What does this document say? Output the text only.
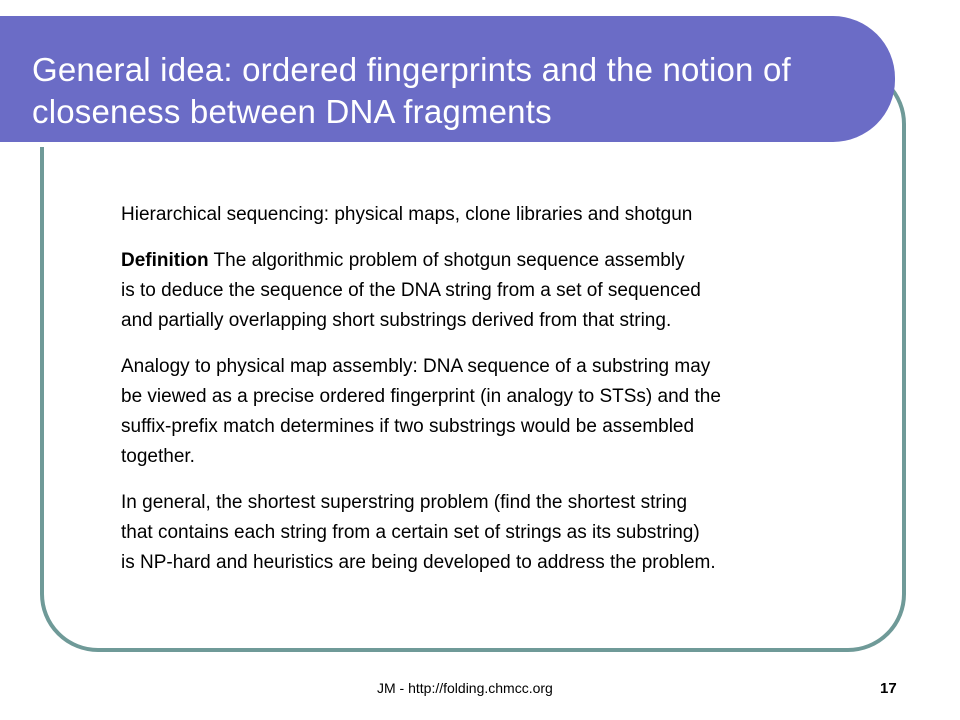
General idea: ordered fingerprints and the notion of
closeness between DNA fragments

Hierarchical sequencing: physical maps, clone libraries and shotgun

Definition The algorithmic problem of shotgun sequence assembly
is to deduce the sequence of the DNA string from a set of sequenced
and partially overlapping short substrings derived from that string.

Analogy to physical map assembly: DNA sequence of a substring may
be viewed as a precise ordered fingerprint (in analogy to STSs) and the
suffix-prefix match determines if two substrings would be assembled
together.

In general, the shortest superstring problem (find the shortest string
that contains each string from a certain set of strings as its substring)
is NP-hard and heuristics are being developed to address the problem.

JM - http://folding.chmcc.org	17
